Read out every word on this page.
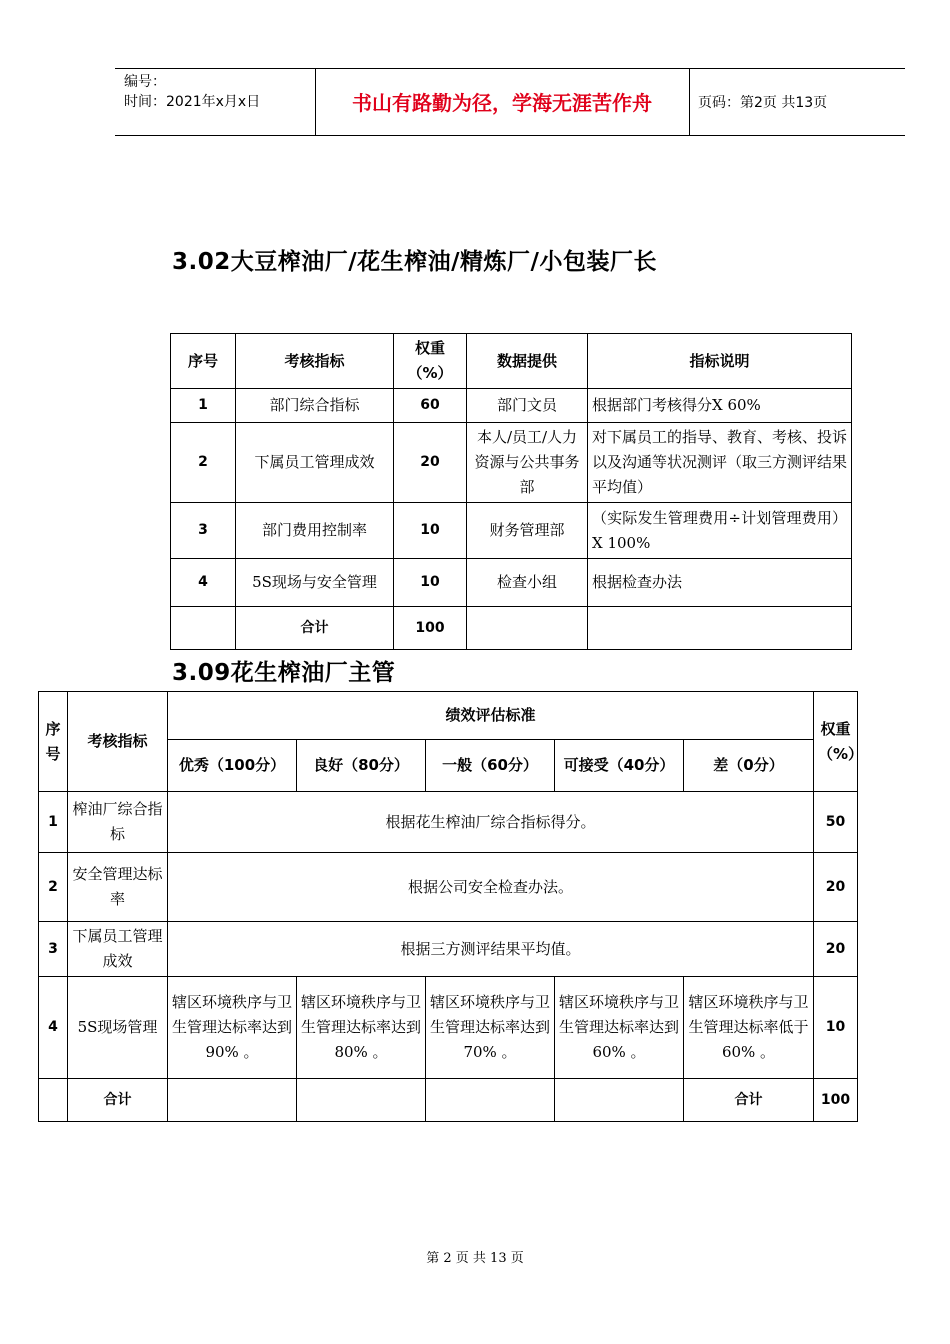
编号：
时间：2021年x月x日	书山有路勤为径，学海无涯苦作舟	页码：第2页 共13页
3.02大豆榨油厂/花生榨油/精炼厂/小包装厂长
序号	考核指标	权重（%）	数据提供	指标说明
1	部门综合指标	60	部门文员	根据部门考核得分X 60%
2	下属员工管理成效	20	本人/员工/人力资源与公共事务部	对下属员工的指导、教育、考核、投诉以及沟通等状况测评（取三方测评结果平均值）
3	部门费用控制率	10	财务管理部	（实际发生管理费用÷计划管理费用） X 100%
4	5S现场与安全管理	10	检查小组	根据检查办法
	合计	100		
3.09花生榨油厂主管
序号	考核指标	绩效评估标准					权重（%）
		优秀（100分）	良好（80分）	一般（60分）	可接受（40分）	差（0分）	
1	榨油厂综合指标	根据花生榨油厂综合指标得分。					50
2	安全管理达标率	根据公司安全检查办法。					20
3	下属员工管理成效	根据三方测评结果平均值。					20
4	5S现场管理	辖区环境秩序与卫生管理达标率达到90% 。	辖区环境秩序与卫生管理达标率达到80% 。	辖区环境秩序与卫生管理达标率达到70% 。	辖区环境秩序与卫生管理达标率达到60% 。	辖区环境秩序与卫生管理达标率低于60% 。	10
	合计					合计	100
第 2 页 共 13 页
